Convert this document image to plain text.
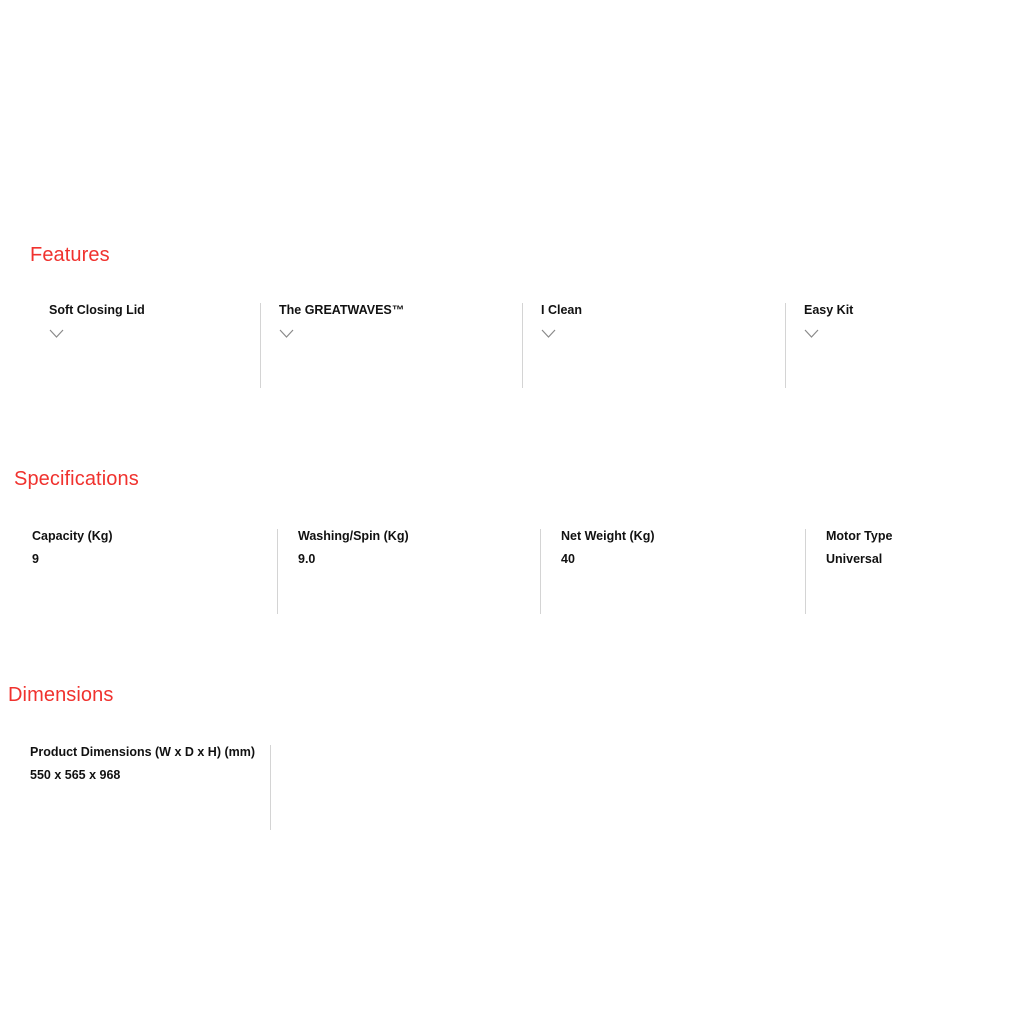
Features
Soft Closing Lid	The GREATWAVES™	I Clean	Easy Kit
Specifications
Capacity (Kg)
9
Washing/Spin (Kg)
9.0
Net Weight (Kg)
40
Motor Type
Universal
Dimensions
Product Dimensions (W x D x H) (mm)
550 x 565 x 968
